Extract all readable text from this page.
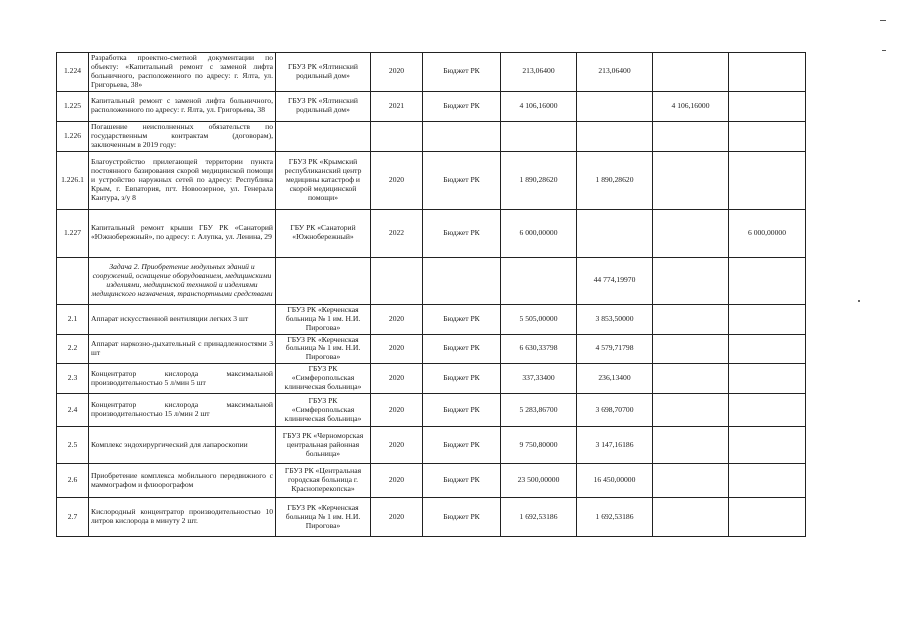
1.224	Разработка проектно-сметной документации по объекту: «Капитальный ремонт с заменой лифта больничного, расположенного по адресу: г. Ялта, ул. Григорьева, 38»	ГБУЗ РК «Ялтинский родильный дом»	2020	Бюджет РК	213,06400	213,06400		
1.225	Капитальный ремонт с заменой лифта больничного, расположенного по адресу: г. Ялта, ул. Григорьева, 38	ГБУЗ РК «Ялтинский родильный дом»	2021	Бюджет РК	4 106,16000		4 106,16000	
1.226	Погашение неисполненных обязательств по государственным контрактам (договорам), заключенным в 2019 году:							
1.226.1	Благоустройство прилегающей территории пункта постоянного базирования скорой медицинской помощи и устройство наружных сетей по адресу: Республика Крым, г. Евпатория, пгт. Новоозерное, ул. Генерала Кантура, з/у 8	ГБУЗ РК «Крымский республиканский центр медицины катастроф и скорой медицинской помощи»	2020	Бюджет РК	1 890,28620	1 890,28620		
1.227	Капитальный ремонт крыши ГБУ РК «Санаторий «Южнобережный», по адресу: г. Алупка, ул. Ленина, 29	ГБУ РК «Санаторий «Южнобережный»	2022	Бюджет РК	6 000,00000			6 000,00000
	Задача 2. Приобретение модульных зданий и сооружений, оснащение оборудованием, медицинскими изделиями, медицинской техникой и изделиями медицинского назначения, транспортными средствами					44 774,19970		
2.1	Аппарат искусственной вентиляции легких 3 шт	ГБУЗ РК «Керченская больница № 1 им. Н.И. Пирогова»	2020	Бюджет РК	5 505,00000	3 853,50000		
2.2	Аппарат наркозно-дыхательный с принадлежностями 3 шт	ГБУЗ РК «Керченская больница № 1 им. Н.И. Пирогова»	2020	Бюджет РК	6 630,33798	4 579,71798		
2.3	Концентратор кислорода максимальной производительностью 5 л/мин 5 шт	ГБУЗ РК «Симферопольская клиническая больница»	2020	Бюджет РК	337,33400	236,13400		
2.4	Концентратор кислорода максимальной производительностью 15 л/мин 2 шт	ГБУЗ РК «Симферопольская клиническая больница»	2020	Бюджет РК	5 283,86700	3 698,70700		
2.5	Комплекс эндохирургический для лапароскопии	ГБУЗ РК «Черноморская центральная районная больница»	2020	Бюджет РК	9 750,80000	3 147,16186		
2.6	Приобретение комплекса мобильного передвижного с маммографом и флюорографом	ГБУЗ РК «Центральная городская больница г. Красноперекопска»	2020	Бюджет РК	23 500,00000	16 450,00000		
2.7	Кислородный концентратор производительностью 10 литров кислорода в минуту 2 шт.	ГБУЗ РК «Керченская больница № 1 им. Н.И. Пирогова»	2020	Бюджет РК	1 692,53186	1 692,53186		
